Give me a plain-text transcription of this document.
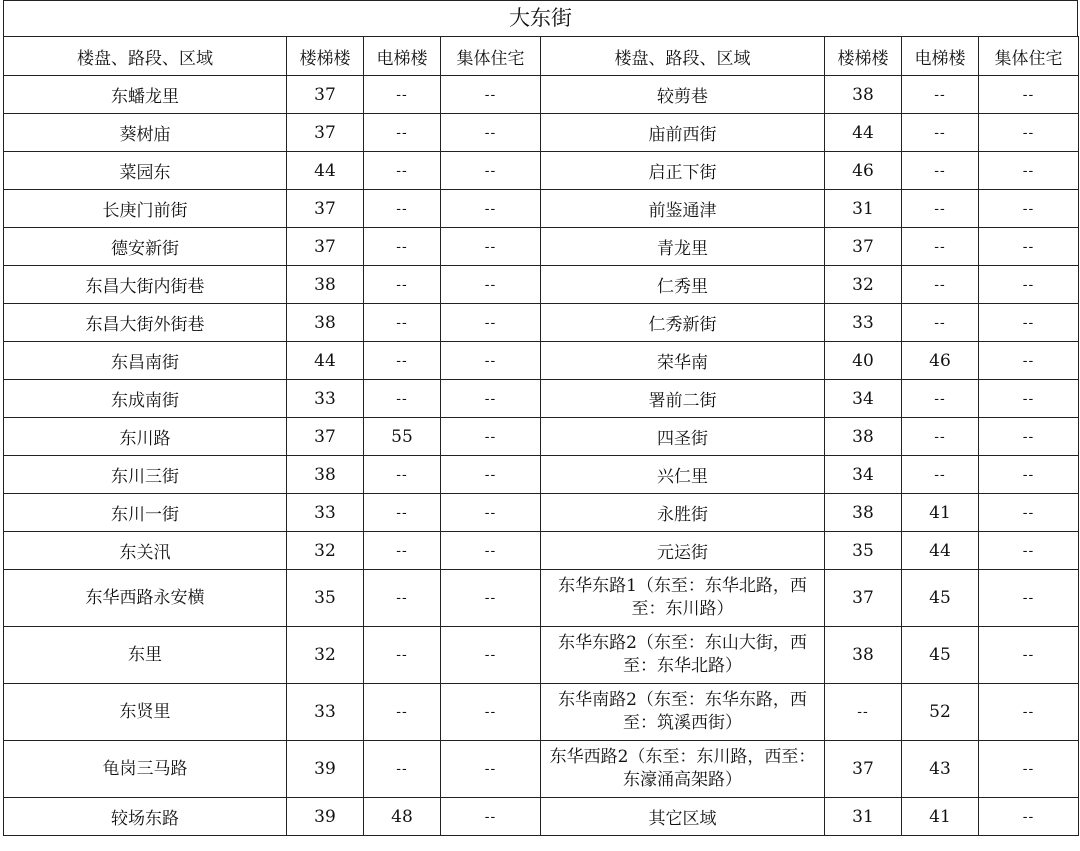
大东街
楼盘、路段、区域	楼梯楼	电梯楼	集体住宅	楼盘、路段、区域	楼梯楼	电梯楼	集体住宅
东蟠龙里	37	--	--	较剪巷	38	--	--
葵树庙	37	--	--	庙前西街	44	--	--
菜园东	44	--	--	启正下街	46	--	--
长庚门前街	37	--	--	前鉴通津	31	--	--
德安新街	37	--	--	青龙里	37	--	--
东昌大街内街巷	38	--	--	仁秀里	32	--	--
东昌大街外街巷	38	--	--	仁秀新街	33	--	--
东昌南街	44	--	--	荣华南	40	46	--
东成南街	33	--	--	署前二街	34	--	--
东川路	37	55	--	四圣街	38	--	--
东川三街	38	--	--	兴仁里	34	--	--
东川一街	33	--	--	永胜街	38	41	--
东关汛	32	--	--	元运街	35	44	--
东华西路永安横	35	--	--	东华东路1（东至：东华北路，西至：东川路）	37	45	--
东里	32	--	--	东华东路2（东至：东山大街，西至：东华北路）	38	45	--
东贤里	33	--	--	东华南路2（东至：东华东路，西至：筑溪西街）	--	52	--
龟岗三马路	39	--	--	东华西路2（东至：东川路，西至：东濠涌高架路）	37	43	--
较场东路	39	48	--	其它区域	31	41	--
